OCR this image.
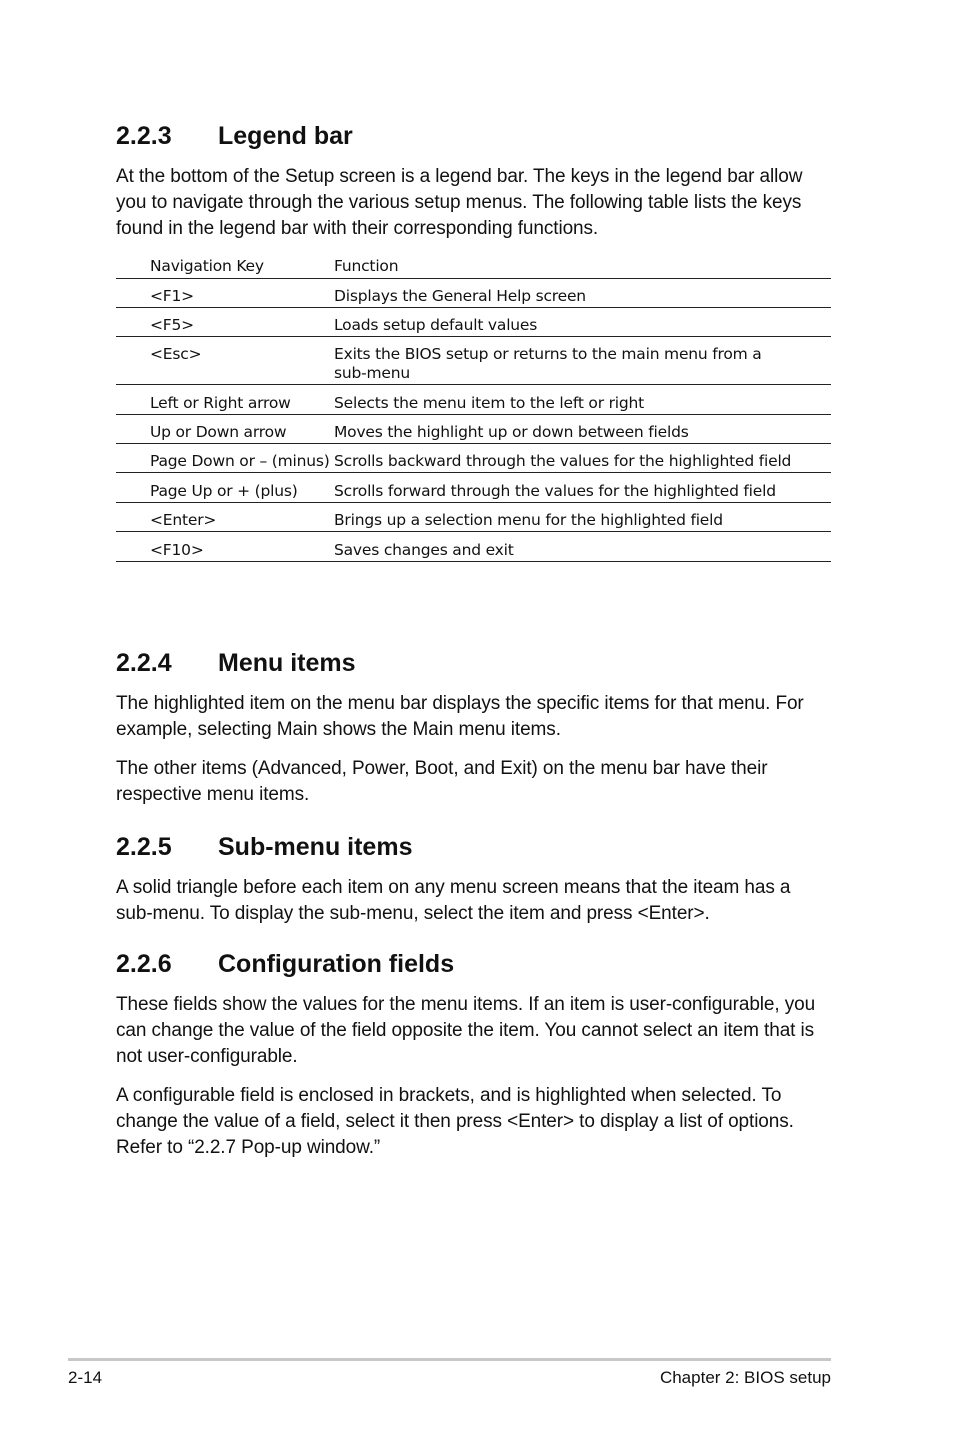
2.2.3 Legend bar

At the bottom of the Setup screen is a legend bar. The keys in the legend bar allow you to navigate through the various setup menus. The following table lists the keys found in the legend bar with their corresponding functions.

Navigation Key	Function
<F1>	Displays the General Help screen
<F5>	Loads setup default values
<Esc>	Exits the BIOS setup or returns to the main menu from a sub-menu
Left or Right arrow	Selects the menu item to the left or right
Up or Down arrow	Moves the highlight up or down between fields
Page Down or – (minus)	Scrolls backward through the values for the highlighted field
Page Up or + (plus)	Scrolls forward through the values for the highlighted field
<Enter>	Brings up a selection menu for the highlighted field
<F10>	Saves changes and exit
2.2.4 Menu items

The highlighted item on the menu bar displays the specific items for that menu. For example, selecting Main shows the Main menu items.

The other items (Advanced, Power, Boot, and Exit) on the menu bar have their respective menu items.

2.2.5 Sub-menu items

A solid triangle before each item on any menu screen means that the iteam has a sub-menu. To display the sub-menu, select the item and press <Enter>.

2.2.6 Configuration fields

These fields show the values for the menu items. If an item is user-configurable, you can change the value of the field opposite the item. You cannot select an item that is not user-configurable.

A configurable field is enclosed in brackets, and is highlighted when selected. To change the value of a field, select it then press <Enter> to display a list of options. Refer to “2.2.7 Pop-up window.”

2-14	Chapter 2: BIOS setup
